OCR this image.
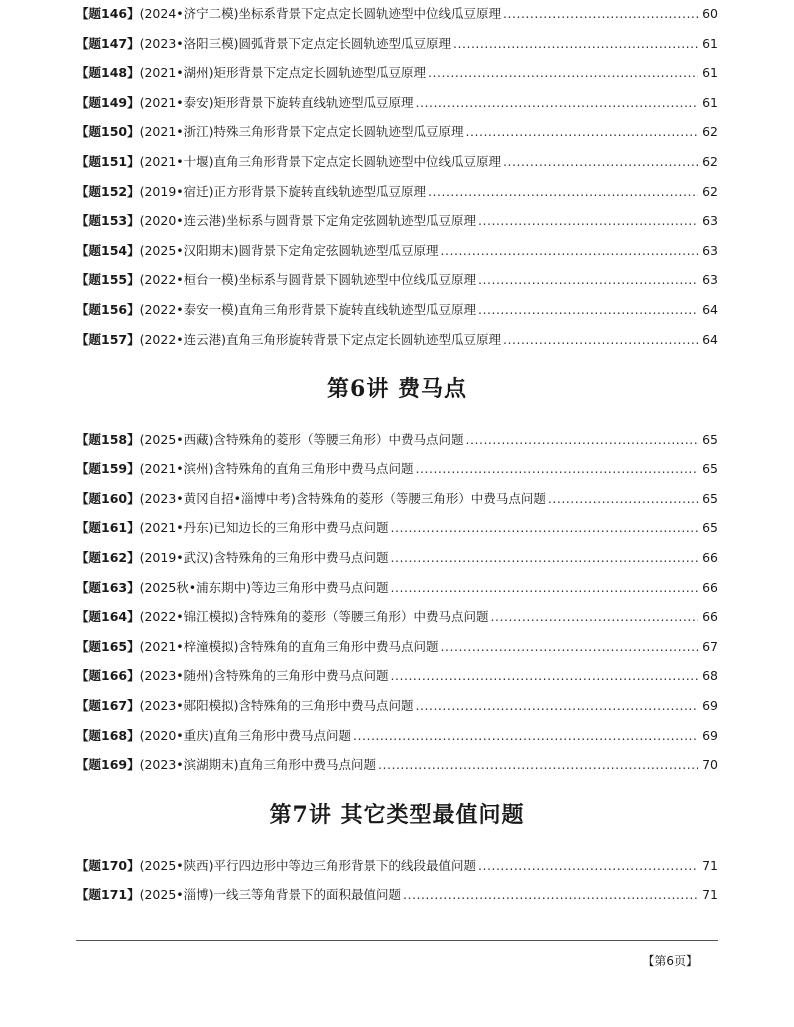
【题146】 (2024•济宁二模)坐标系背景下定点定长圆轨迹型中位线瓜豆原理 .....	60
【题147】 (2023•洛阳三模)圆弧背景下定点定长圆轨迹型瓜豆原理 .....	61
【题148】 (2021•湖州)矩形背景下定点定长圆轨迹型瓜豆原理 .....	61
【题149】 (2021•泰安)矩形背景下旋转直线轨迹型瓜豆原理 .....	61
【题150】 (2021•浙江)特殊三角形背景下定点定长圆轨迹型瓜豆原理 .....	62
【题151】 (2021•十堰)直角三角形背景下定点定长圆轨迹型中位线瓜豆原理 .....	62
【题152】 (2019•宿迁)正方形背景下旋转直线轨迹型瓜豆原理 .....	62
【题153】 (2020•连云港)坐标系与圆背景下定角定弦圆轨迹型瓜豆原理 .....	63
【题154】 (2025•汉阳期末)圆背景下定角定弦圆轨迹型瓜豆原理 .....	63
【题155】 (2022•桓台一模)坐标系与圆背景下圆轨迹型中位线瓜豆原理 .....	63
【题156】 (2022•泰安一模)直角三角形背景下旋转直线轨迹型瓜豆原理 .....	64
【题157】 (2022•连云港)直角三角形旋转背景下定点定长圆轨迹型瓜豆原理 .....	64
第6讲 费马点
【题158】 (2025•西藏)含特殊角的菱形（等腰三角形）中费马点问题 .....	65
【题159】 (2021•滨州)含特殊角的直角三角形中费马点问题 .....	65
【题160】 (2023•黄冈自招•淄博中考)含特殊角的菱形（等腰三角形）中费马点问题 .....	65
【题161】 (2021•丹东)已知边长的三角形中费马点问题 .....	65
【题162】 (2019•武汉)含特殊角的三角形中费马点问题 .....	66
【题163】 (2025秋•浦东期中)等边三角形中费马点问题 .....	66
【题164】 (2022•锦江模拟)含特殊角的菱形（等腰三角形）中费马点问题 .....	66
【题165】 (2021•梓潼模拟)含特殊角的直角三角形中费马点问题 .....	67
【题166】 (2023•随州)含特殊角的三角形中费马点问题 .....	68
【题167】 (2023•郧阳模拟)含特殊角的三角形中费马点问题 .....	69
【题168】 (2020•重庆)直角三角形中费马点问题 .....	69
【题169】 (2023•滨湖期末)直角三角形中费马点问题 .....	70
第7讲 其它类型最值问题
【题170】 (2025•陕西)平行四边形中等边三角形背景下的线段最值问题 .....	71
【题171】 (2025•淄博)一线三等角背景下的面积最值问题 .....	71
【第6页】
